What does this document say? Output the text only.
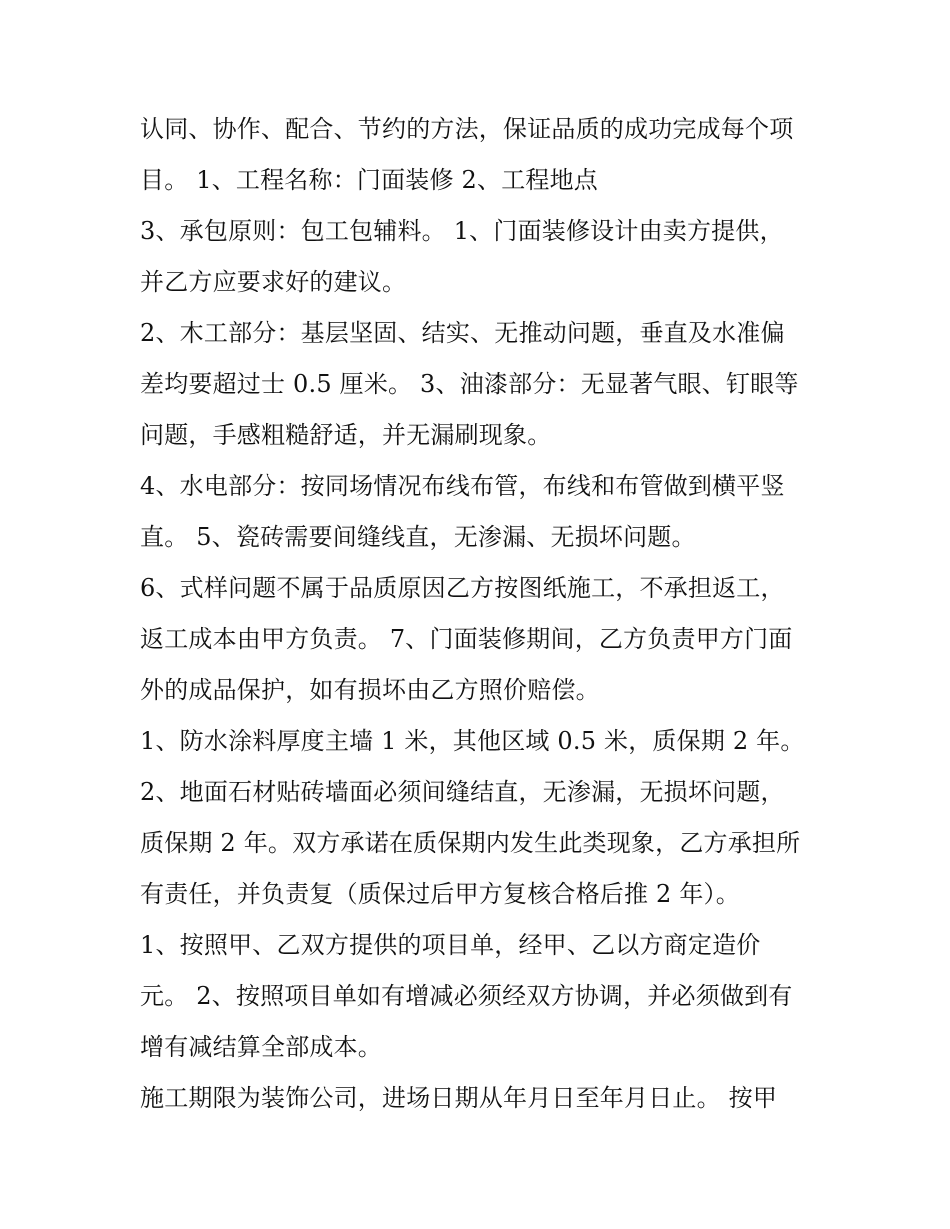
认同、协作、配合、节约的方法，保证品质的成功完成每个项
目。 1、工程名称：门面装修 2、工程地点
3、承包原则：包工包辅料。 1、门面装修设计由卖方提供，
并乙方应要求好的建议。
2、木工部分：基层坚固、结实、无推动问题，垂直及水准偏
差均要超过士 0.5 厘米。 3、油漆部分：无显著气眼、钉眼等
问题，手感粗糙舒适，并无漏刷现象。
4、水电部分：按同场情况布线布管，布线和布管做到横平竖
直。 5、瓷砖需要间缝线直，无渗漏、无损坏问题。
6、式样问题不属于品质原因乙方按图纸施工，不承担返工，
返工成本由甲方负责。 7、门面装修期间，乙方负责甲方门面
外的成品保护，如有损坏由乙方照价赔偿。
1、防水涂料厚度主墙 1 米，其他区域 0.5 米，质保期 2 年。
2、地面石材贴砖墙面必须间缝结直，无渗漏，无损坏问题，
质保期 2 年。双方承诺在质保期内发生此类现象，乙方承担所
有责任，并负责复（质保过后甲方复核合格后推 2 年）。
1、按照甲、乙双方提供的项目单，经甲、乙以方商定造价
元。 2、按照项目单如有增减必须经双方协调，并必须做到有
增有减结算全部成本。
施工期限为装饰公司，进场日期从年月日至年月日止。 按甲
